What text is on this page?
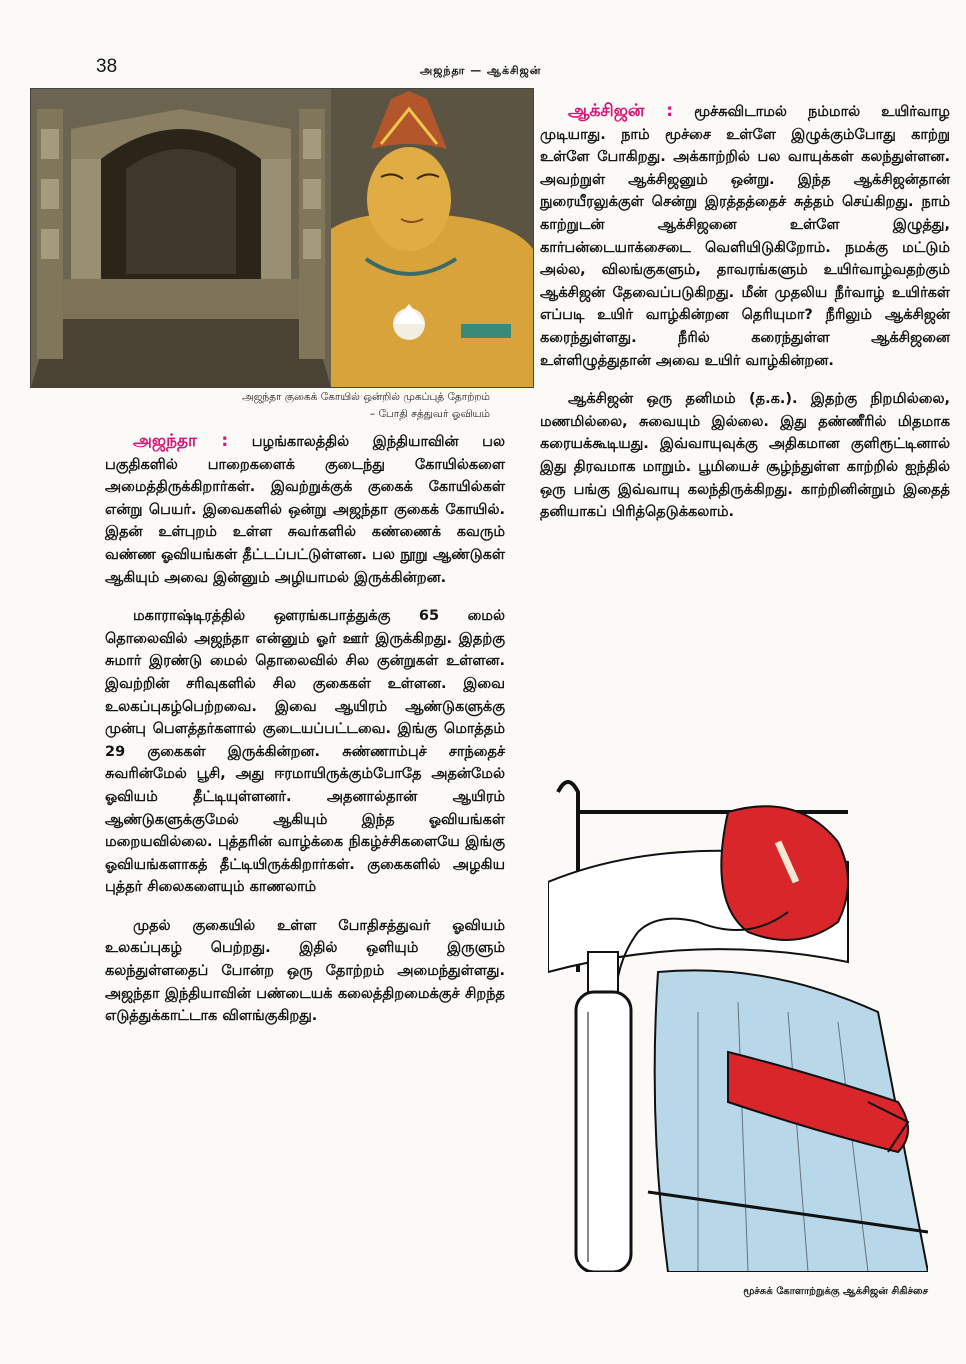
38	அஜந்தா — ஆக்சிஜன்
அஜந்தா குகைக் கோயில் ஒன்றில் முகப்புத் தோற்றம்
– போதி சத்துவர் ஓவியம்

அஜந்தா : பழங்காலத்தில் இந்தியாவின் பல பகுதிகளில் பாறைகளைக் குடைந்து கோயில்களை அமைத்திருக்கிறார்கள். இவற்றுக்குக் குகைக் கோயில்கள் என்று பெயர். இவைகளில் ஒன்று அஜந்தா குகைக் கோயில். இதன் உள்புறம் உள்ள சுவர்களில் கண்ணைக் கவரும் வண்ண ஓவியங்கள் தீட்டப்பட்டுள்ளன. பல நூறு ஆண்டுகள் ஆகியும் அவை இன்னும் அழியாமல் இருக்கின்றன.

மகாராஷ்டிரத்தில் ஔரங்கபாத்துக்கு 65 மைல் தொலைவில் அஜந்தா என்னும் ஓர் ஊர் இருக்கிறது. இதற்கு சுமார் இரண்டு மைல் தொலைவில் சில குன்றுகள் உள்ளன. இவற்றின் சரிவுகளில் சில குகைகள் உள்ளன. இவை உலகப்புகழ்பெற்றவை. இவை ஆயிரம் ஆண்டுகளுக்கு முன்பு பௌத்தர்களால் குடையப்பட்டவை. இங்கு மொத்தம் 29 குகைகள் இருக்கின்றன. சுண்ணாம்புச் சாந்தைச் சுவரின்மேல் பூசி, அது ஈரமாயிருக்கும்போதே அதன்மேல் ஓவியம் தீட்டியுள்ளனர். அதனால்தான் ஆயிரம் ஆண்டுகளுக்குமேல் ஆகியும் இந்த ஓவியங்கள் மறையவில்லை. புத்தரின் வாழ்க்கை நிகழ்ச்சிகளையே இங்கு ஓவியங்களாகத் தீட்டியிருக்கிறார்கள். குகைகளில் அழகிய புத்தர் சிலைகளையும் காணலாம்

முதல் குகையில் உள்ள போதிசத்துவர் ஓவியம் உலகப்புகழ் பெற்றது. இதில் ஒளியும் இருளும் கலந்துள்ளதைப் போன்ற ஒரு தோற்றம் அமைந்துள்ளது. அஜந்தா இந்தியாவின் பண்டையக் கலைத்திறமைக்குச் சிறந்த எடுத்துக்காட்டாக விளங்குகிறது.

ஆக்சிஜன் : மூச்சுவிடாமல் நம்மால் உயிர்வாழ முடியாது. நாம் மூச்சை உள்ளே இழுக்கும்போது காற்று உள்ளே போகிறது. அக்காற்றில் பல வாயுக்கள் கலந்துள்ளன. அவற்றுள் ஆக்சிஜனும் ஒன்று. இந்த ஆக்சிஜன்தான் நுரையீரலுக்குள் சென்று இரத்தத்தைச் சுத்தம் செய்கிறது. நாம் காற்றுடன் ஆக்சிஜனை உள்ளே இழுத்து, கார்பன்டையாக்சைடை வெளியிடுகிறோம். நமக்கு மட்டும் அல்ல, விலங்குகளும், தாவரங்களும் உயிர்வாழ்வதற்கும் ஆக்சிஜன் தேவைப்படுகிறது. மீன் முதலிய நீர்வாழ் உயிர்கள் எப்படி உயிர் வாழ்கின்றன தெரியுமா? நீரிலும் ஆக்சிஜன் கரைந்துள்ளது. நீரில் கரைந்துள்ள ஆக்சிஜனை உள்ளிழுத்துதான் அவை உயிர் வாழ்கின்றன.

ஆக்சிஜன் ஒரு தனிமம் (த.க.). இதற்கு நிறமில்லை, மணமில்லை, சுவையும் இல்லை. இது தண்ணீரில் மிதமாக கரையக்கூடியது. இவ்வாயுவுக்கு அதிகமான குளிரூட்டினால் இது திரவமாக மாறும். பூமியைச் சூழ்ந்துள்ள காற்றில் ஐந்தில் ஒரு பங்கு இவ்வாயு கலந்திருக்கிறது. காற்றினின்றும் இதைத் தனியாகப் பிரித்தெடுக்கலாம்.

மூச்சுக் கோளாற்றுக்கு ஆக்சிஜன் சிகிச்சை
